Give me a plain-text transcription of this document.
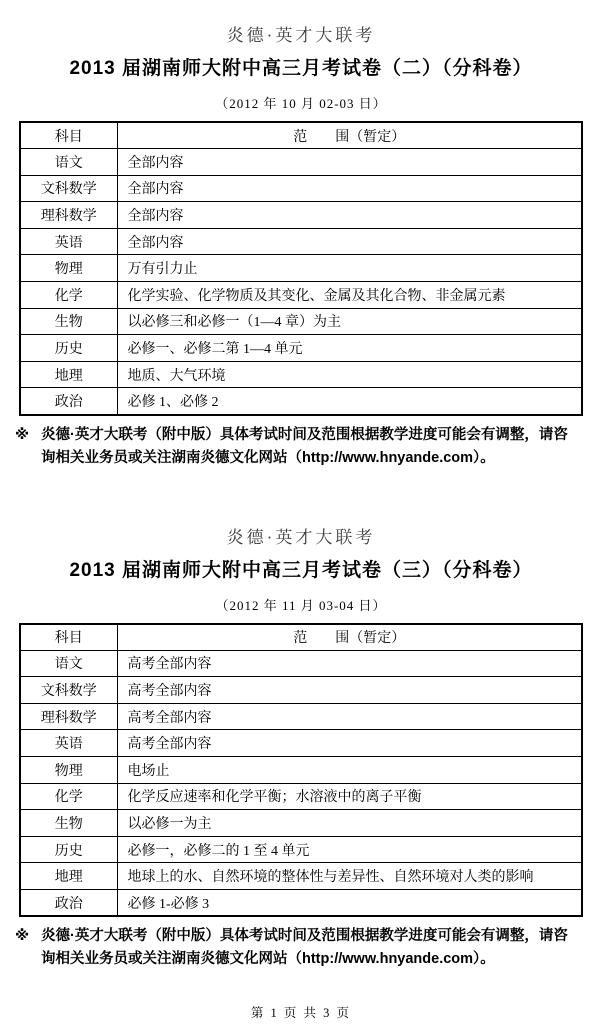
炎德·英才大联考
2013 届湖南师大附中高三月考试卷（二）（分科卷）
（2012 年 10 月 02-03 日）
科目	范　　围（暂定）
语文	全部内容
文科数学	全部内容
理科数学	全部内容
英语	全部内容
物理	万有引力止
化学	化学实验、化学物质及其变化、金属及其化合物、非金属元素
生物	以必修三和必修一（1—4 章）为主
历史	必修一、必修二第 1—4 单元
地理	地质、大气环境
政治	必修 1、必修 2
※ 炎德·英才大联考（附中版）具体考试时间及范围根据教学进度可能会有调整，请咨询相关业务员或关注湖南炎德文化网站（http://www.hnyande.com）。
炎德·英才大联考
2013 届湖南师大附中高三月考试卷（三）（分科卷）
（2012 年 11 月 03-04 日）
科目	范　　围（暂定）
语文	高考全部内容
文科数学	高考全部内容
理科数学	高考全部内容
英语	高考全部内容
物理	电场止
化学	化学反应速率和化学平衡；水溶液中的离子平衡
生物	以必修一为主
历史	必修一，必修二的 1 至 4 单元
地理	地球上的水、自然环境的整体性与差异性、自然环境对人类的影响
政治	必修 1-必修 3
※ 炎德·英才大联考（附中版）具体考试时间及范围根据教学进度可能会有调整，请咨询相关业务员或关注湖南炎德文化网站（http://www.hnyande.com）。
第 1 页 共 3 页
